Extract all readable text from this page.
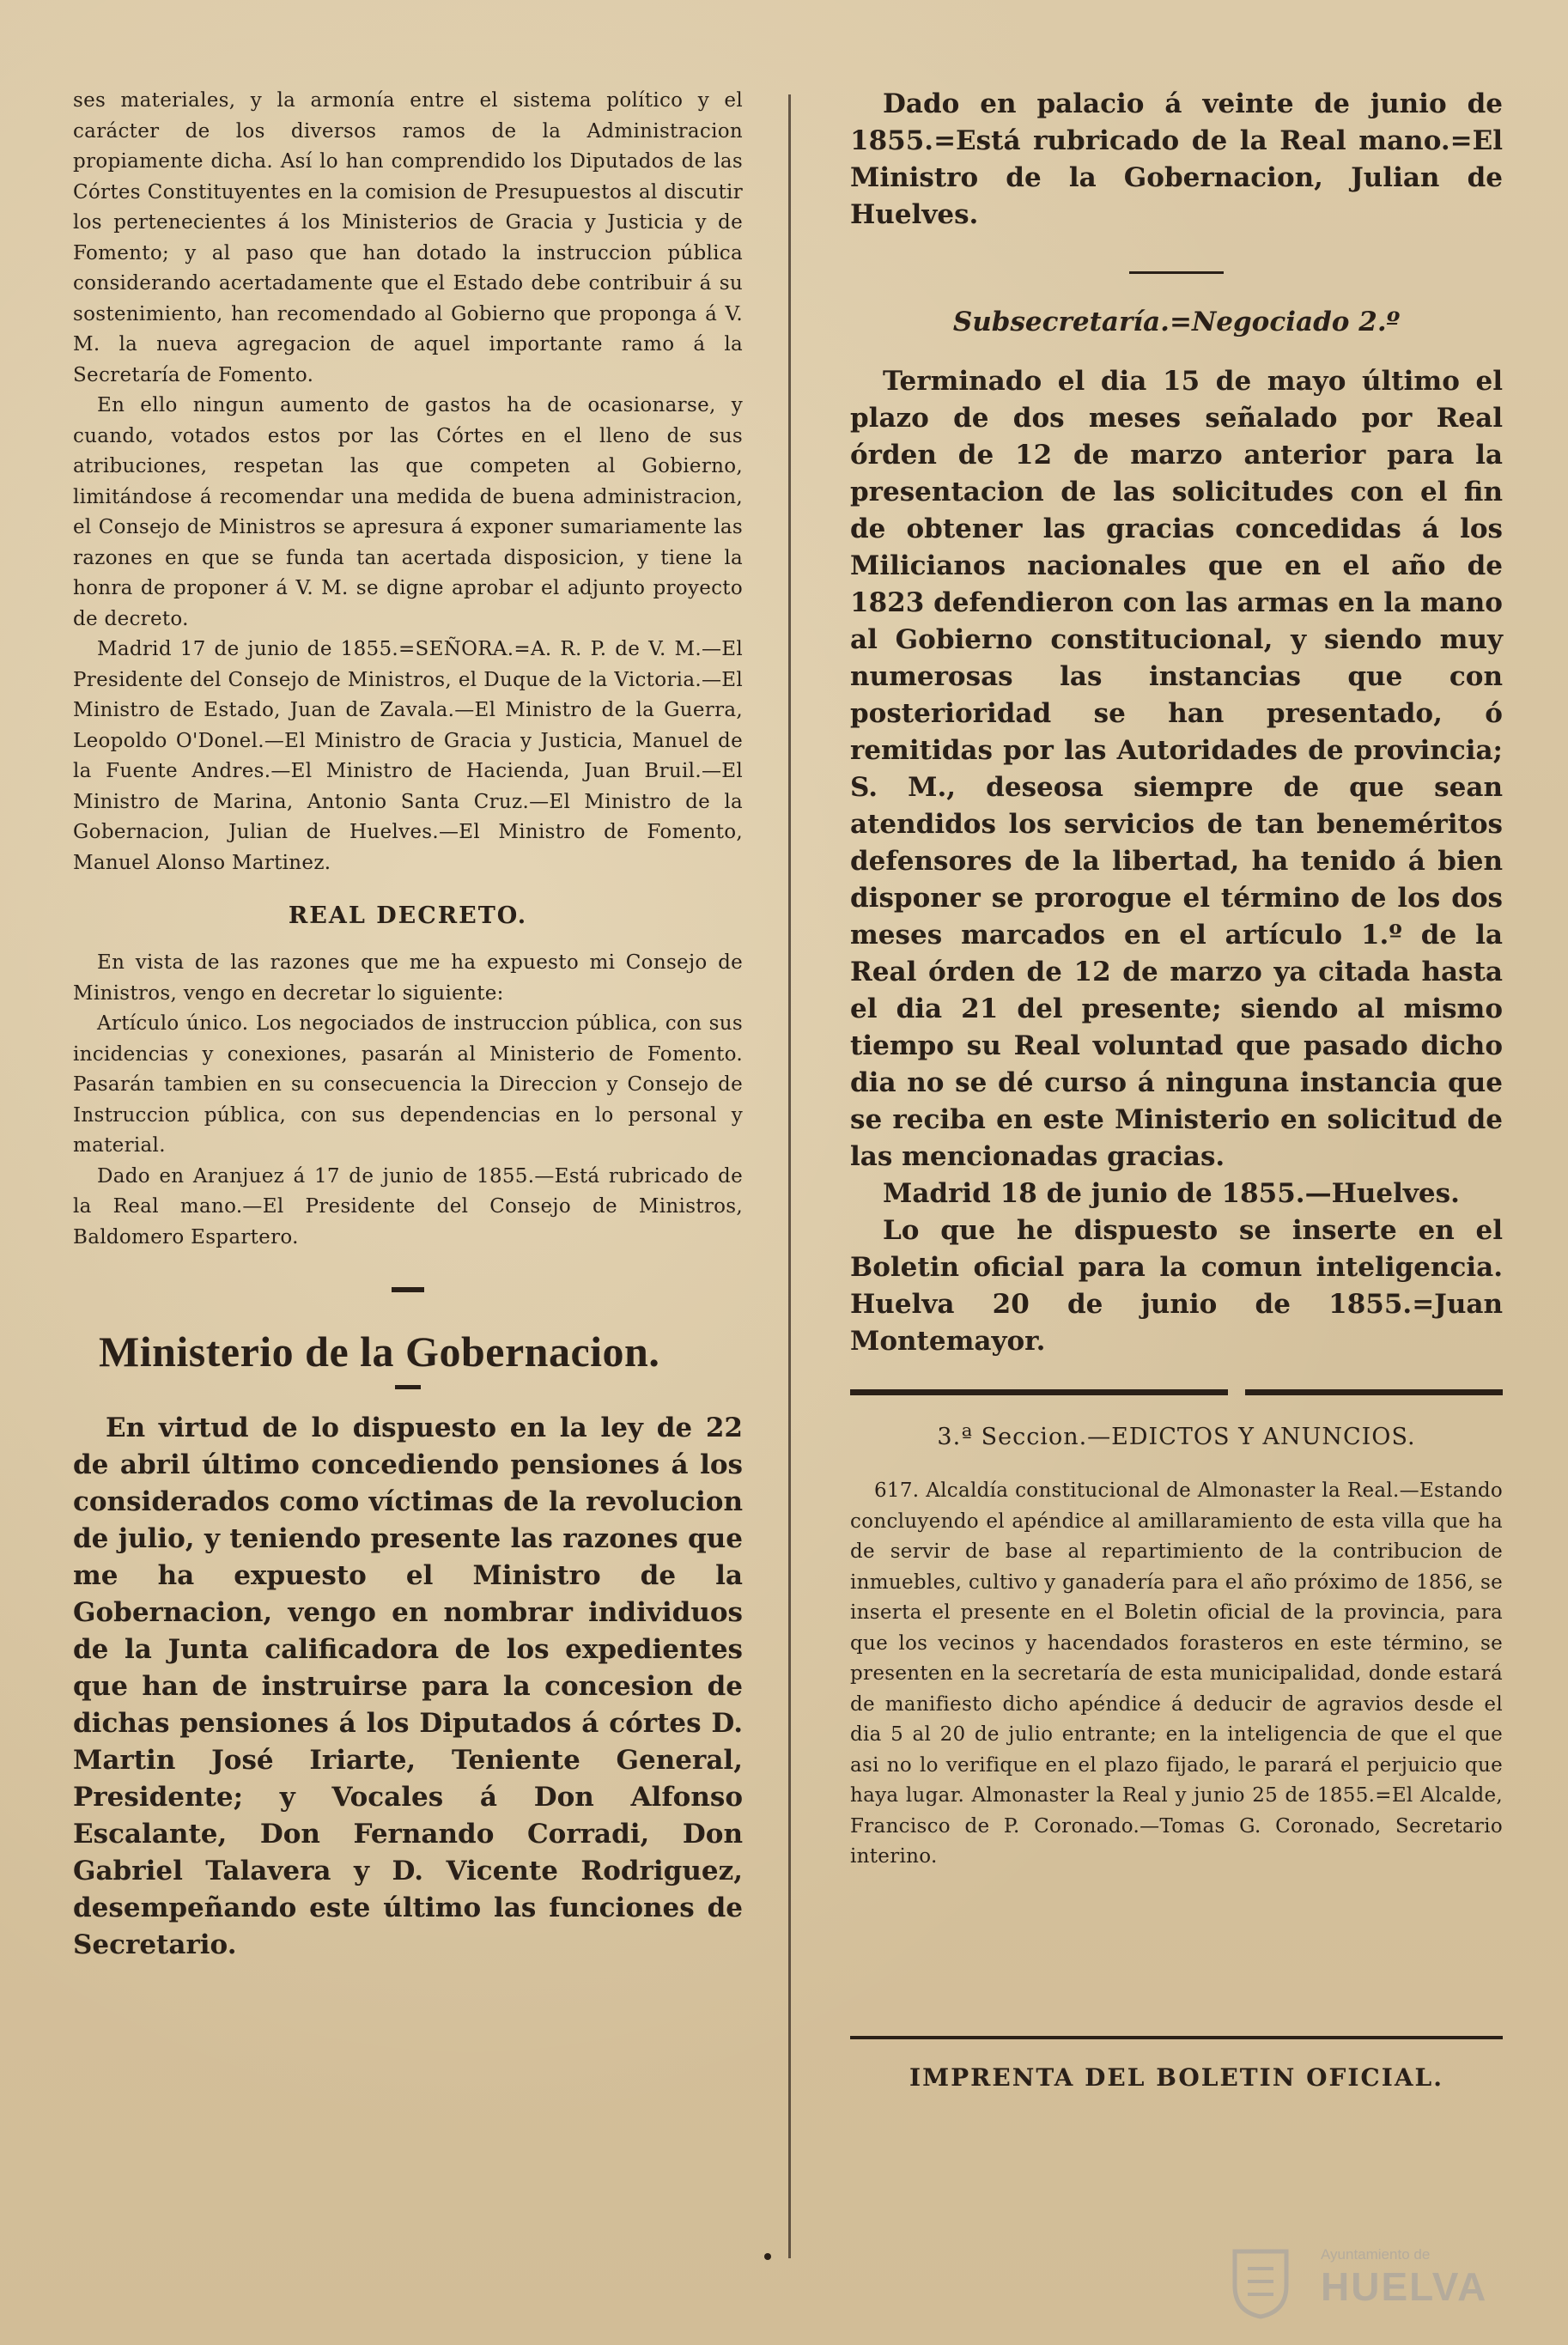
ses materiales, y la armonía entre el sistema político y el carácter de los diversos ramos de la Administracion propiamente dicha. Así lo han comprendido los Diputados de las Córtes Constituyentes en la comision de Presupuestos al discutir los pertenecientes á los Ministerios de Gracia y Justicia y de Fomento; y al paso que han dotado la instruccion pública considerando acertadamente que el Estado debe contribuir á su sostenimiento, han recomendado al Gobierno que proponga á V. M. la nueva agregacion de aquel importante ramo á la Secretaría de Fomento.

En ello ningun aumento de gastos ha de ocasionarse, y cuando, votados estos por las Córtes en el lleno de sus atribuciones, respetan las que competen al Gobierno, limitándose á recomendar una medida de buena administracion, el Consejo de Ministros se apresura á exponer sumariamente las razones en que se funda tan acertada disposicion, y tiene la honra de proponer á V. M. se digne aprobar el adjunto proyecto de decreto.

Madrid 17 de junio de 1855.=SEÑORA.=A. R. P. de V. M.—El Presidente del Consejo de Ministros, el Duque de la Victoria.—El Ministro de Estado, Juan de Zavala.—El Ministro de la Guerra, Leopoldo O'Donel.—El Ministro de Gracia y Justicia, Manuel de la Fuente Andres.—El Ministro de Hacienda, Juan Bruil.—El Ministro de Marina, Antonio Santa Cruz.—El Ministro de la Gobernacion, Julian de Huelves.—El Ministro de Fomento, Manuel Alonso Martinez.

REAL DECRETO.

En vista de las razones que me ha expuesto mi Consejo de Ministros, vengo en decretar lo siguiente:

Artículo único. Los negociados de instruccion pública, con sus incidencias y conexiones, pasarán al Ministerio de Fomento. Pasarán tambien en su consecuencia la Direccion y Consejo de Instruccion pública, con sus dependencias en lo personal y material.

Dado en Aranjuez á 17 de junio de 1855.—Está rubricado de la Real mano.—El Presidente del Consejo de Ministros, Baldomero Espartero.

Ministerio de la Gobernacion.

En virtud de lo dispuesto en la ley de 22 de abril último concediendo pensiones á los considerados como víctimas de la revolucion de julio, y teniendo presente las razones que me ha expuesto el Ministro de la Gobernacion, vengo en nombrar individuos de la Junta calificadora de los expedientes que han de instruirse para la concesion de dichas pensiones á los Diputados á córtes D. Martin José Iriarte, Teniente General, Presidente; y Vocales á Don Alfonso Escalante, Don Fernando Corradi, Don Gabriel Talavera y D. Vicente Rodriguez, desempeñando este último las funciones de Secretario.

Dado en palacio á veinte de junio de 1855.=Está rubricado de la Real mano.=El Ministro de la Gobernacion, Julian de Huelves.

Subsecretaría.=Negociado 2.º

Terminado el dia 15 de mayo último el plazo de dos meses señalado por Real órden de 12 de marzo anterior para la presentacion de las solicitudes con el fin de obtener las gracias concedidas á los Milicianos nacionales que en el año de 1823 defendieron con las armas en la mano al Gobierno constitucional, y siendo muy numerosas las instancias que con posterioridad se han presentado, ó remitidas por las Autoridades de provincia; S. M., deseosa siempre de que sean atendidos los servicios de tan beneméritos defensores de la libertad, ha tenido á bien disponer se prorogue el término de los dos meses marcados en el artículo 1.º de la Real órden de 12 de marzo ya citada hasta el dia 21 del presente; siendo al mismo tiempo su Real voluntad que pasado dicho dia no se dé curso á ninguna instancia que se reciba en este Ministerio en solicitud de las mencionadas gracias.

Madrid 18 de junio de 1855.—Huelves.

Lo que he dispuesto se inserte en el Boletin oficial para la comun inteligencia. Huelva 20 de junio de 1855.=Juan Montemayor.

3.ª Seccion.—EDICTOS Y ANUNCIOS.

617. Alcaldía constitucional de Almonaster la Real.—Estando concluyendo el apéndice al amillaramiento de esta villa que ha de servir de base al repartimiento de la contribucion de inmuebles, cultivo y ganadería para el año próximo de 1856, se inserta el presente en el Boletin oficial de la provincia, para que los vecinos y hacendados forasteros en este término, se presenten en la secretaría de esta municipalidad, donde estará de manifiesto dicho apéndice á deducir de agravios desde el dia 5 al 20 de julio entrante; en la inteligencia de que el que asi no lo verifique en el plazo fijado, le parará el perjuicio que haya lugar. Almonaster la Real y junio 25 de 1855.=El Alcalde, Francisco de P. Coronado.—Tomas G. Coronado, Secretario interino.

IMPRENTA DEL BOLETIN OFICIAL.
Ayuntamiento de
HUELVA
